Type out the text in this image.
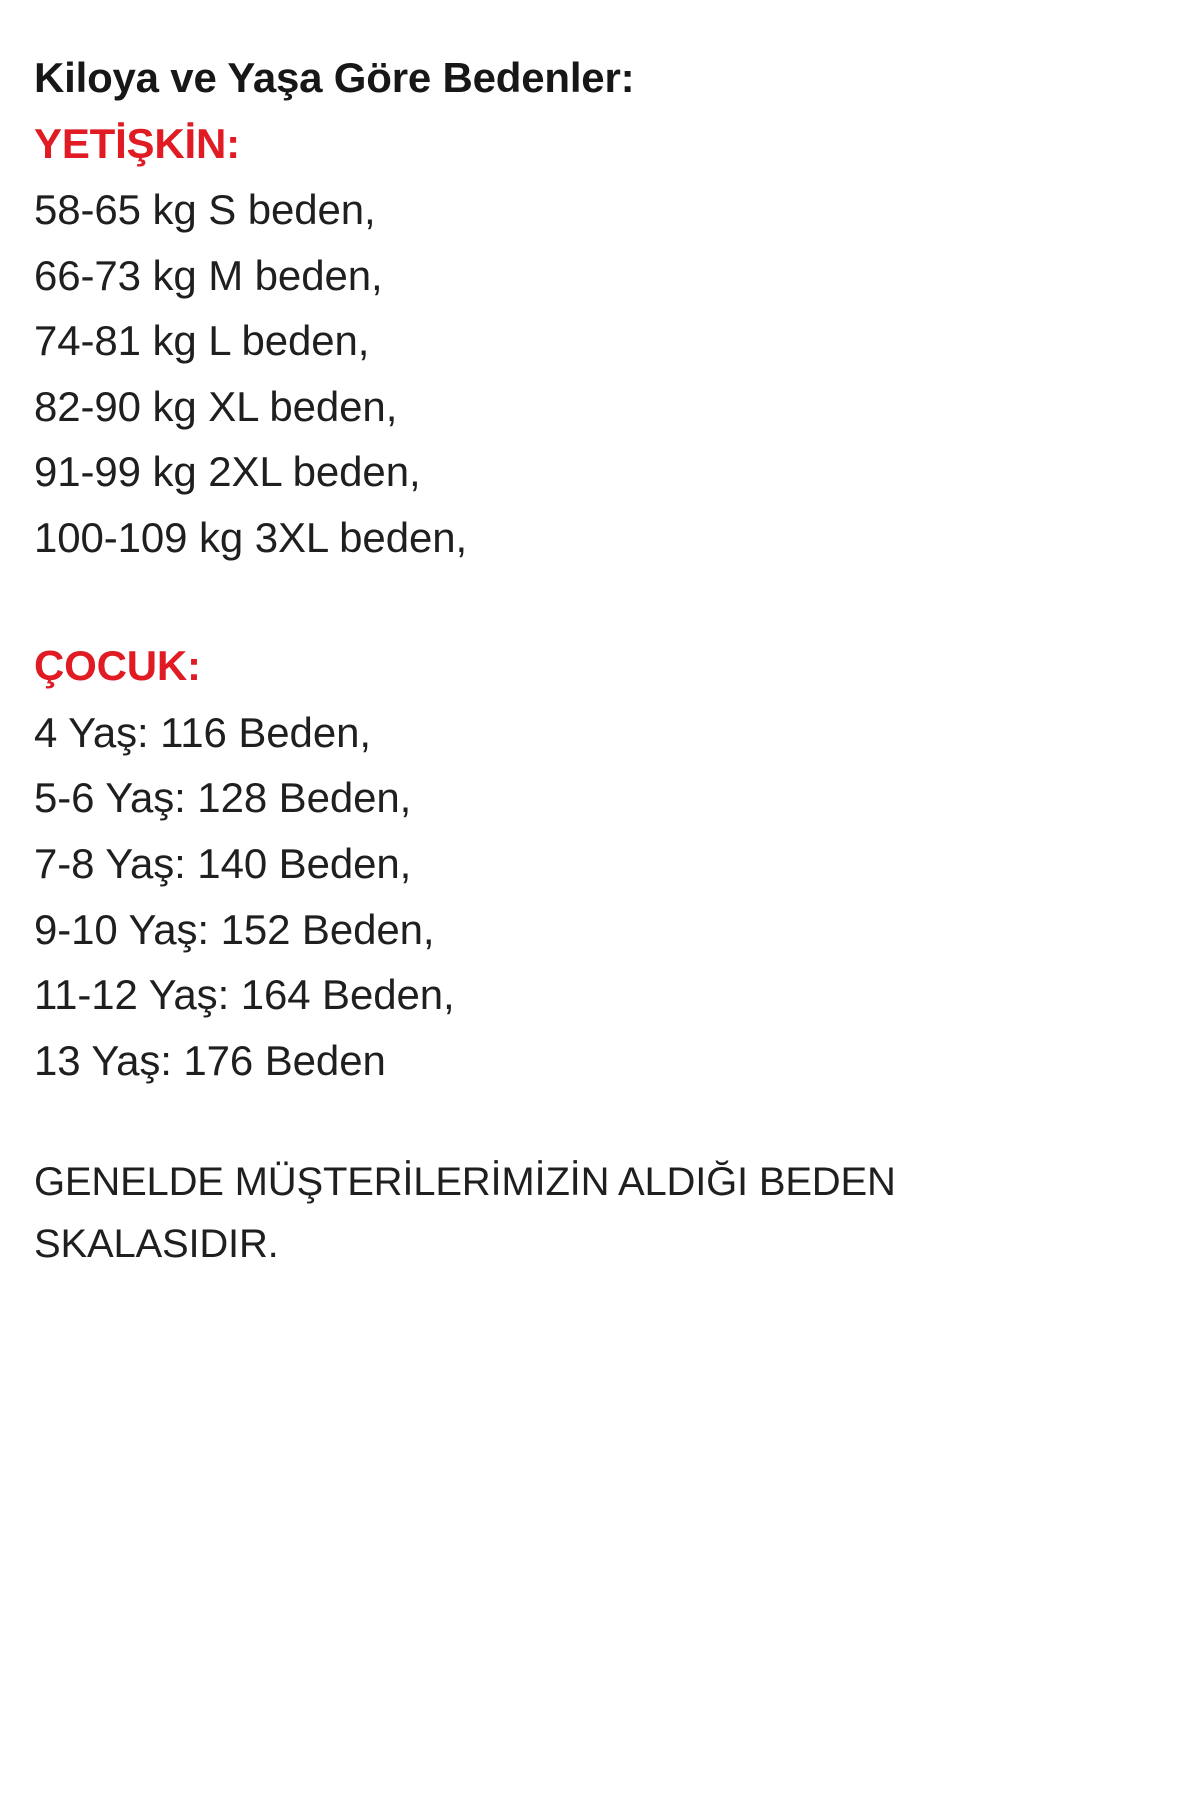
Kiloya ve Yaşa Göre Bedenler:
YETİŞKİN:
58-65 kg S beden,
66-73 kg M beden,
74-81 kg L beden,
82-90 kg XL beden,
91-99 kg 2XL beden,
100-109 kg 3XL beden,
ÇOCUK:
4 Yaş: 116 Beden,
5-6 Yaş: 128 Beden,
7-8 Yaş: 140 Beden,
9-10 Yaş: 152 Beden,
11-12 Yaş: 164 Beden,
13 Yaş: 176 Beden

GENELDE MÜŞTERİLERİMİZİN ALDIĞI BEDEN

SKALASIDIR.
